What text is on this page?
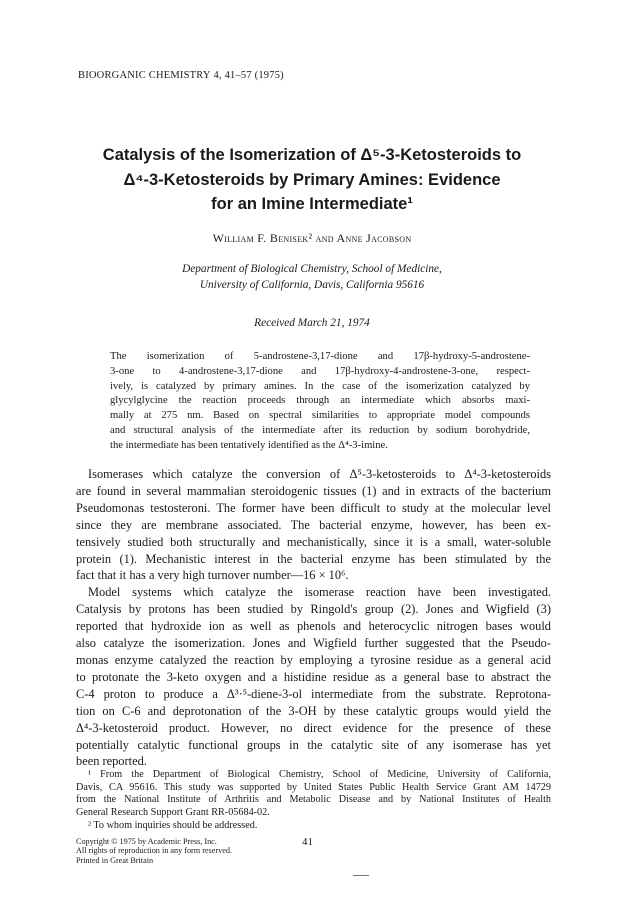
BIOORGANIC CHEMISTRY 4, 41–57 (1975)
Catalysis of the Isomerization of Δ⁵-3-Ketosteroids to
Δ⁴-3-Ketosteroids by Primary Amines: Evidence
for an Imine Intermediate¹
William F. Benisek² and Anne Jacobson
Department of Biological Chemistry, School of Medicine,
University of California, Davis, California 95616
Received March 21, 1974
The isomerization of 5-androstene-3,17-dione and 17β-hydroxy-5-androstene-
3-one to 4-androstene-3,17-dione and 17β-hydroxy-4-androstene-3-one, respect-
ively, is catalyzed by primary amines. In the case of the isomerization catalyzed by
glycylglycine the reaction proceeds through an intermediate which absorbs maxi-
mally at 275 nm. Based on spectral similarities to appropriate model compounds
and structural analysis of the intermediate after its reduction by sodium borohydride,
the intermediate has been tentatively identified as the Δ⁴-3-imine.
Isomerases which catalyze the conversion of Δ⁵-3-ketosteroids to Δ⁴-3-ketosteroids
are found in several mammalian steroidogenic tissues (1) and in extracts of the bacterium
Pseudomonas testosteroni. The former have been difficult to study at the molecular level
since they are membrane associated. The bacterial enzyme, however, has been ex-
tensively studied both structurally and mechanistically, since it is a small, water-soluble
protein (1). Mechanistic interest in the bacterial enzyme has been stimulated by the
fact that it has a very high turnover number—16 × 10⁶.
Model systems which catalyze the isomerase reaction have been investigated.
Catalysis by protons has been studied by Ringold's group (2). Jones and Wigfield (3)
reported that hydroxide ion as well as phenols and heterocyclic nitrogen bases would
also catalyze the isomerization. Jones and Wigfield further suggested that the Pseudo-
monas enzyme catalyzed the reaction by employing a tyrosine residue as a general acid
to protonate the 3-keto oxygen and a histidine residue as a general base to abstract the
C-4 proton to produce a Δ³·⁵-diene-3-ol intermediate from the substrate. Reprotona-
tion on C-6 and deprotonation of the 3-OH by these catalytic groups would yield the
Δ⁴-3-ketosteroid product. However, no direct evidence for the presence of these
potentially catalytic functional groups in the catalytic site of any isomerase has yet
been reported.
¹ From the Department of Biological Chemistry, School of Medicine, University of California,
Davis, CA 95616. This study was supported by United States Public Health Service Grant AM 14729
from the National Institute of Arthritis and Metabolic Disease and by National Institutes of Health
General Research Support Grant RR-05684-02.
² To whom inquiries should be addressed.
Copyright © 1975 by Academic Press, Inc.
All rights of reproduction in any form reserved.
Printed in Great Britain
41
